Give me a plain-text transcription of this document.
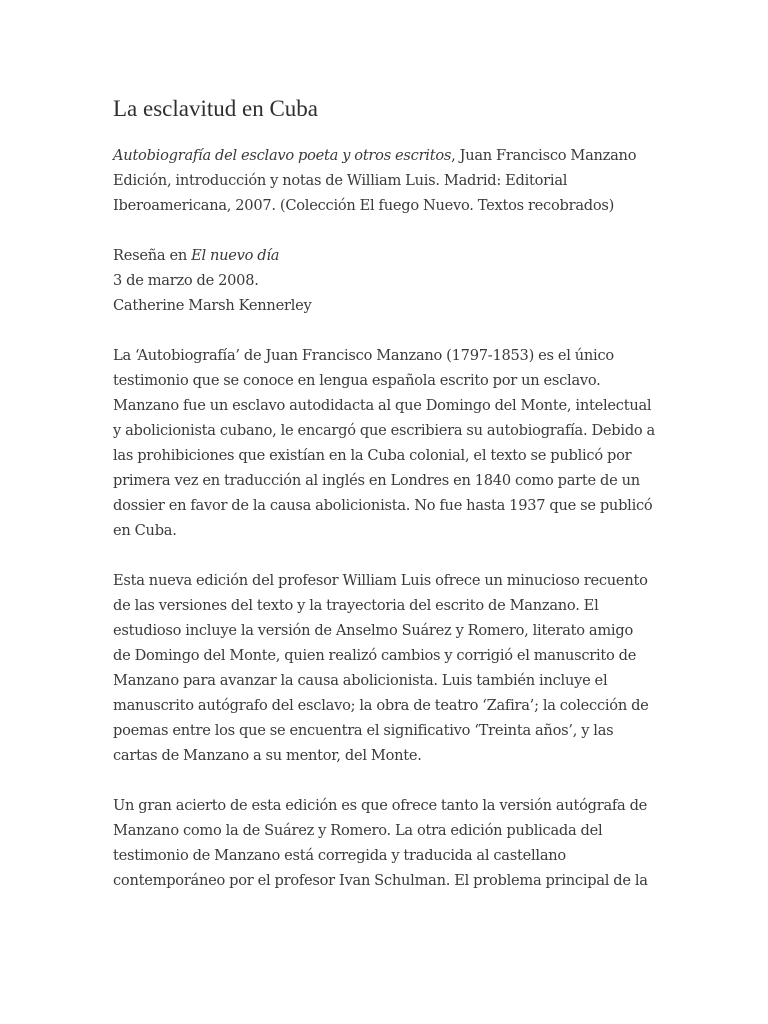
La esclavitud en Cuba
Autobiografía del esclavo poeta y otros escritos, Juan Francisco Manzano
Edición, introducción y notas de William Luis. Madrid: Editorial
Iberoamericana, 2007. (Colección El fuego Nuevo. Textos recobrados)
Reseña en El nuevo día
3 de marzo de 2008.
Catherine Marsh Kennerley
La ‘Autobiografía’ de Juan Francisco Manzano (1797-1853) es el único
testimonio que se conoce en lengua española escrito por un esclavo.
Manzano fue un esclavo autodidacta al que Domingo del Monte, intelectual
y abolicionista cubano, le encargó que escribiera su autobiografía. Debido a
las prohibiciones que existían en la Cuba colonial, el texto se publicó por
primera vez en traducción al inglés en Londres en 1840 como parte de un
dossier en favor de la causa abolicionista. No fue hasta 1937 que se publicó
en Cuba.
Esta nueva edición del profesor William Luis ofrece un minucioso recuento
de las versiones del texto y la trayectoria del escrito de Manzano. El
estudioso incluye la versión de Anselmo Suárez y Romero, literato amigo
de Domingo del Monte, quien realizó cambios y corrigió el manuscrito de
Manzano para avanzar la causa abolicionista. Luis también incluye el
manuscrito autógrafo del esclavo; la obra de teatro ‘Zafira’; la colección de
poemas entre los que se encuentra el significativo ‘Treinta años’, y las
cartas de Manzano a su mentor, del Monte.
Un gran acierto de esta edición es que ofrece tanto la versión autógrafa de
Manzano como la de Suárez y Romero. La otra edición publicada del
testimonio de Manzano está corregida y traducida al castellano
contemporáneo por el profesor Ivan Schulman. El problema principal de la
